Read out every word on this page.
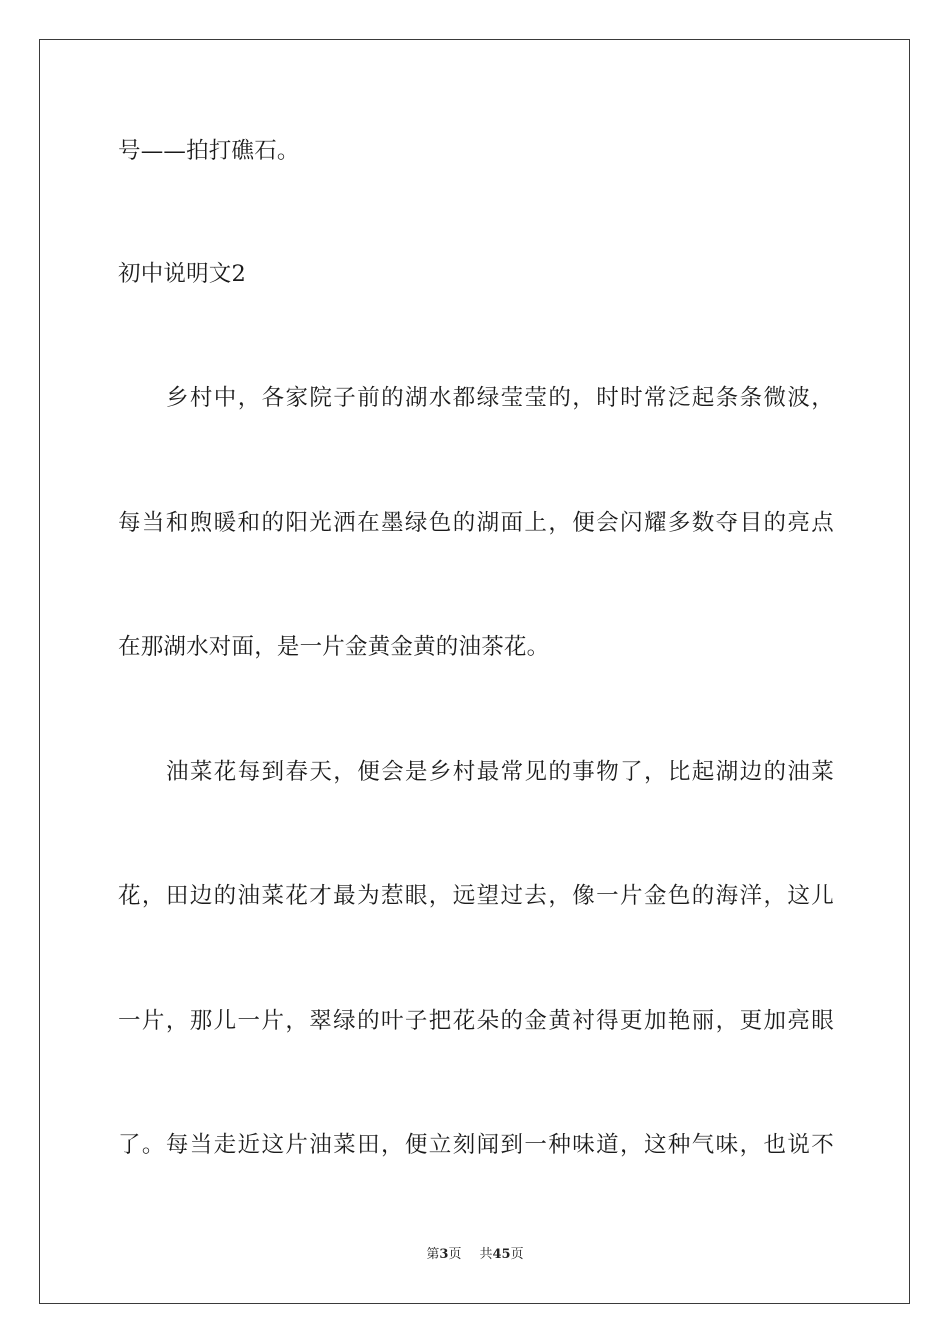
号——拍打礁石。
初中说明文2
乡村中，各家院子前的湖水都绿莹莹的，时时常泛起条条微波，
每当和煦暖和的阳光洒在墨绿色的湖面上，便会闪耀多数夺目的亮点
在那湖水对面，是一片金黄金黄的油茶花。
油菜花每到春天，便会是乡村最常见的事物了，比起湖边的油菜
花，田边的油菜花才最为惹眼，远望过去，像一片金色的海洋，这儿
一片，那儿一片，翠绿的叶子把花朵的金黄衬得更加艳丽，更加亮眼
了。每当走近这片油菜田，便立刻闻到一种味道，这种气味，也说不
第3页 共45页
